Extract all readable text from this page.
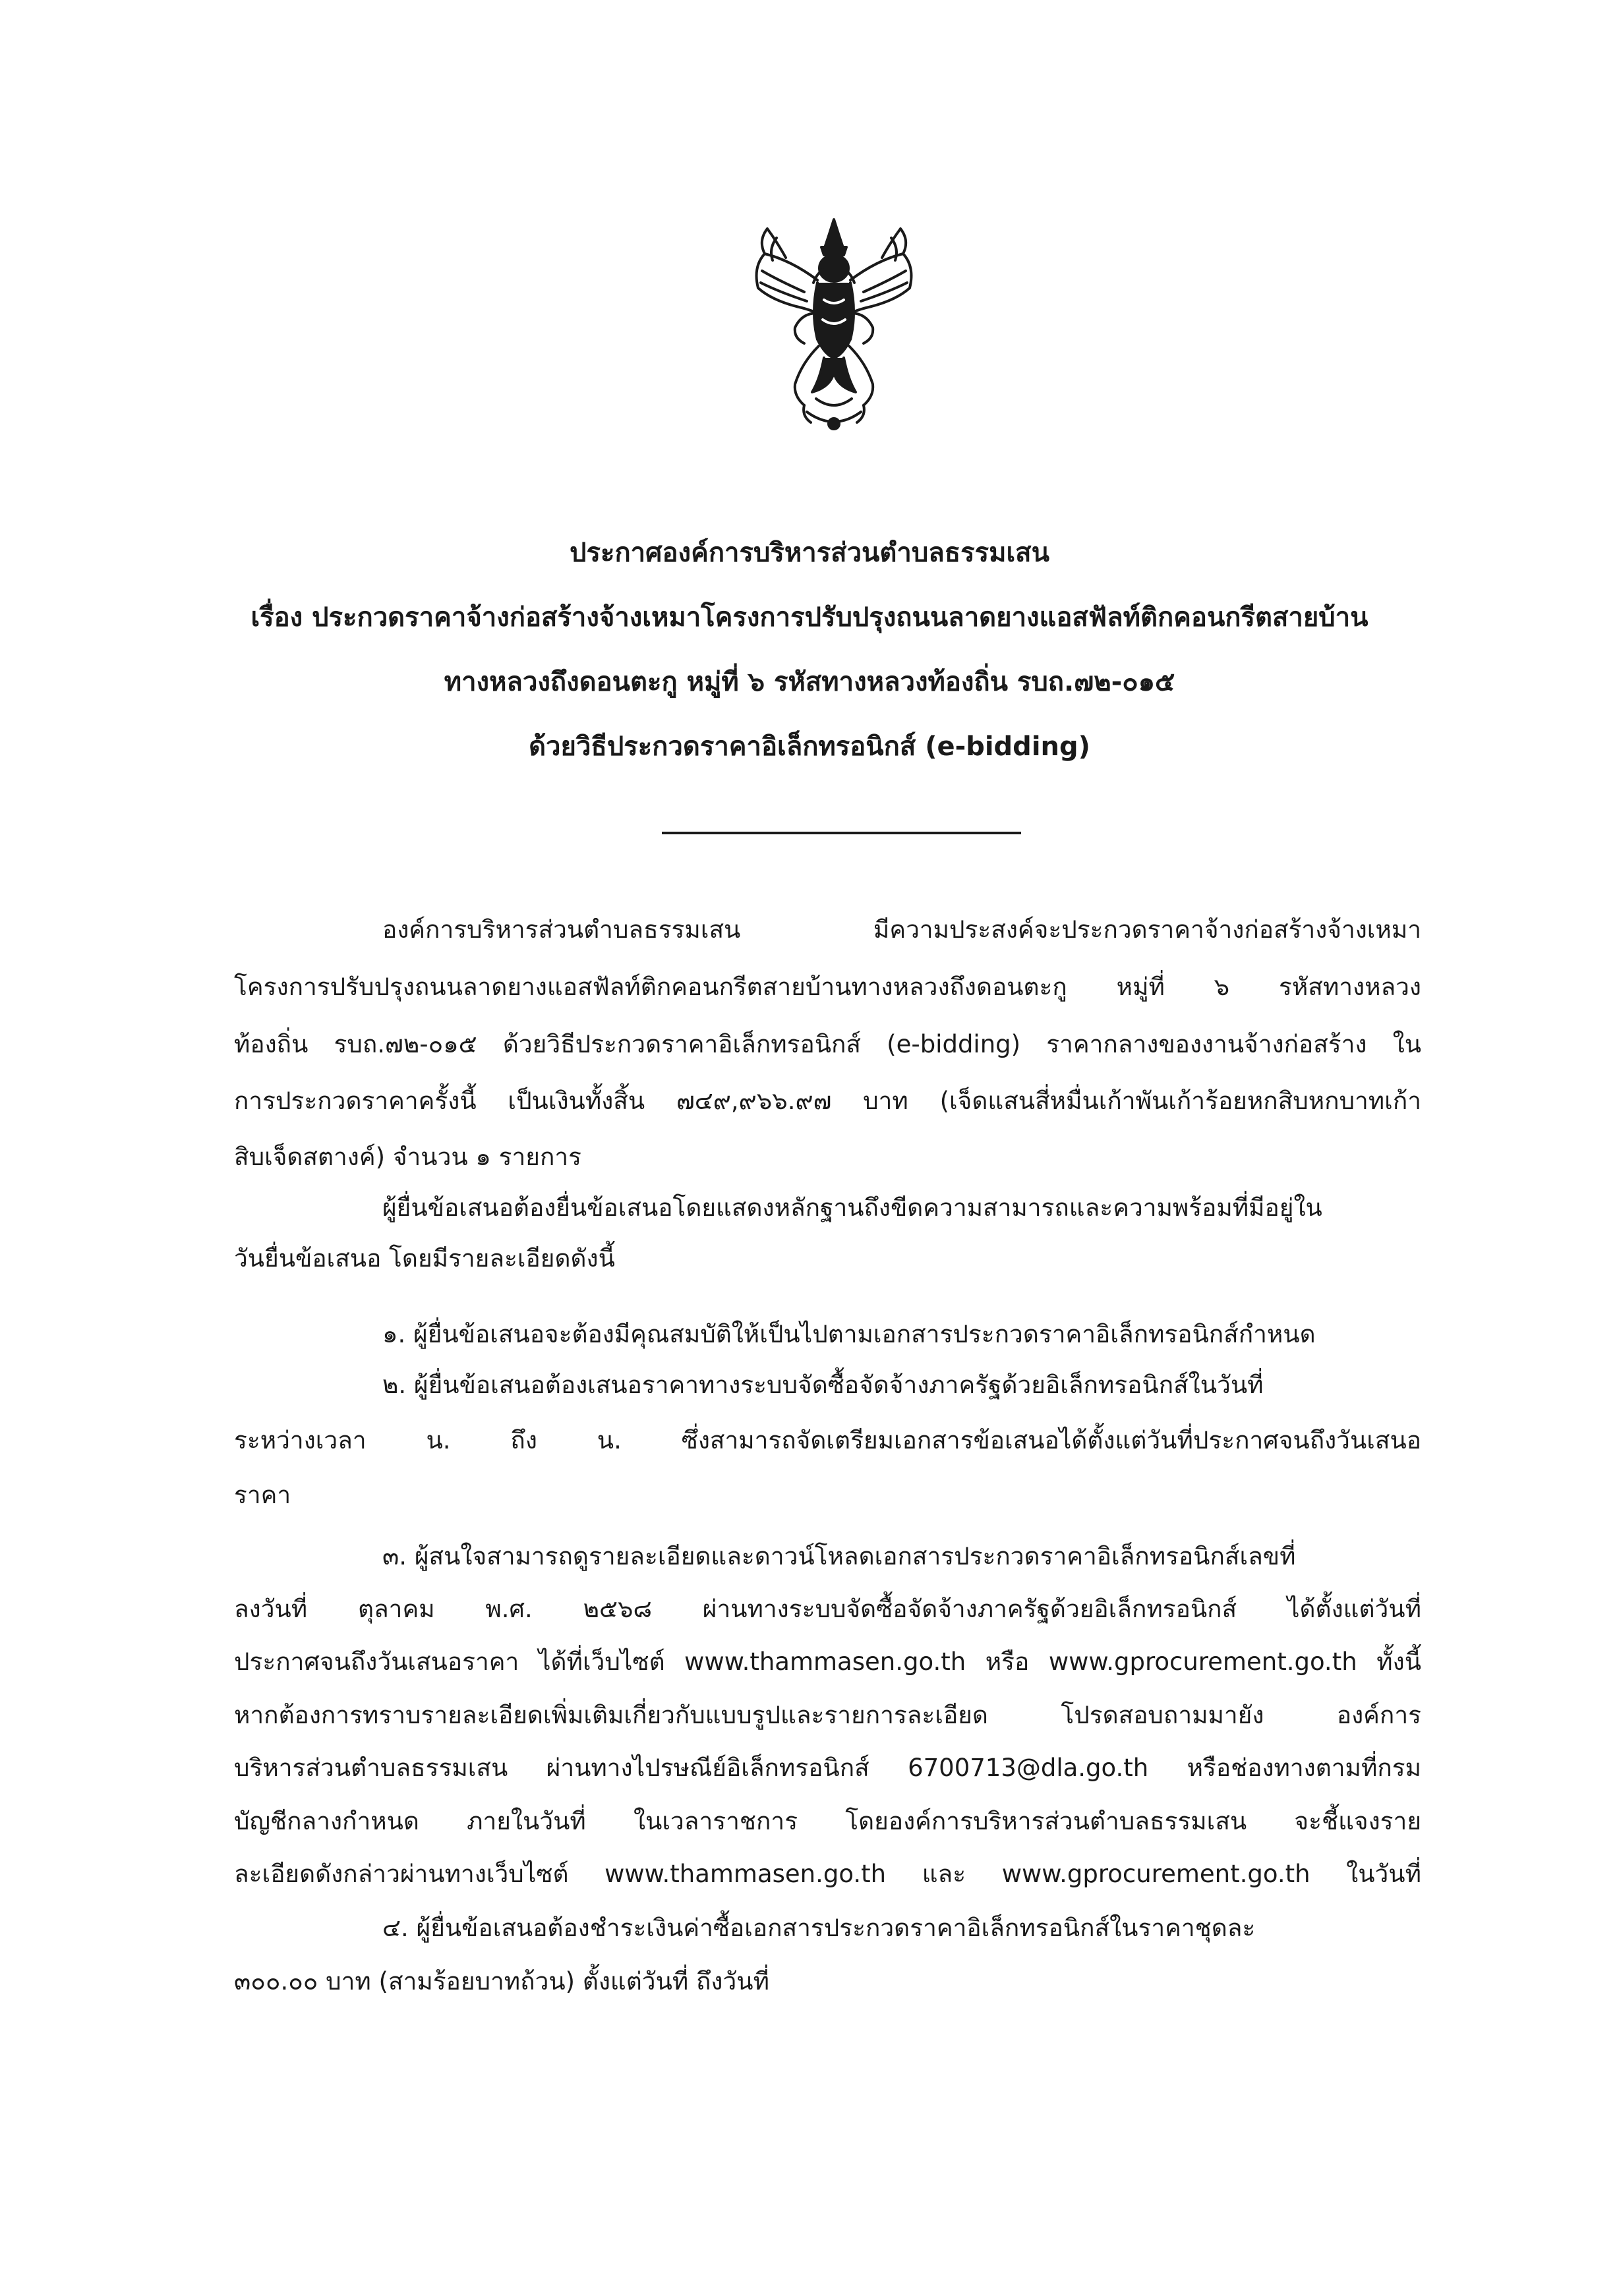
ประกาศองค์การบริหารส่วนตำบลธรรมเสน
เรื่อง ประกวดราคาจ้างก่อสร้างจ้างเหมาโครงการปรับปรุงถนนลาดยางแอสฟัลท์ติกคอนกรีตสายบ้าน
ทางหลวงถึงดอนตะกู หมู่ที่ ๖ รหัสทางหลวงท้องถิ่น รบถ.๗๒-๐๑๕
ด้วยวิธีประกวดราคาอิเล็กทรอนิกส์ (e-bidding)
องค์การบริหารส่วนตำบลธรรมเสน มีความประสงค์จะประกวดราคาจ้างก่อสร้างจ้างเหมา
โครงการปรับปรุงถนนลาดยางแอสฟัลท์ติกคอนกรีตสายบ้านทางหลวงถึงดอนตะกู หมู่ที่ ๖ รหัสทางหลวง
ท้องถิ่น รบถ.๗๒-๐๑๕ ด้วยวิธีประกวดราคาอิเล็กทรอนิกส์ (e-bidding) ราคากลางของงานจ้างก่อสร้าง ใน
การประกวดราคาครั้งนี้ เป็นเงินทั้งสิ้น ๗๔๙,๙๖๖.๙๗ บาท (เจ็ดแสนสี่หมื่นเก้าพันเก้าร้อยหกสิบหกบาทเก้า
สิบเจ็ดสตางค์) จำนวน ๑ รายการ
ผู้ยื่นข้อเสนอต้องยื่นข้อเสนอโดยแสดงหลักฐานถึงขีดความสามารถและความพร้อมที่มีอยู่ใน
วันยื่นข้อเสนอ โดยมีรายละเอียดดังนี้
๑. ผู้ยื่นข้อเสนอจะต้องมีคุณสมบัติให้เป็นไปตามเอกสารประกวดราคาอิเล็กทรอนิกส์กำหนด
๒. ผู้ยื่นข้อเสนอต้องเสนอราคาทางระบบจัดซื้อจัดจ้างภาครัฐด้วยอิเล็กทรอนิกส์ในวันที่
ระหว่างเวลา น. ถึง น. ซึ่งสามารถจัดเตรียมเอกสารข้อเสนอได้ตั้งแต่วันที่ประกาศจนถึงวันเสนอ
ราคา
๓. ผู้สนใจสามารถดูรายละเอียดและดาวน์โหลดเอกสารประกวดราคาอิเล็กทรอนิกส์เลขที่
ลงวันที่ ตุลาคม พ.ศ. ๒๕๖๘ ผ่านทางระบบจัดซื้อจัดจ้างภาครัฐด้วยอิเล็กทรอนิกส์ ได้ตั้งแต่วันที่
ประกาศจนถึงวันเสนอราคา ได้ที่เว็บไซต์ www.thammasen.go.th หรือ www.gprocurement.go.th ทั้งนี้
หากต้องการทราบรายละเอียดเพิ่มเติมเกี่ยวกับแบบรูปและรายการละเอียด โปรดสอบถามมายัง องค์การ
บริหารส่วนตำบลธรรมเสน ผ่านทางไปรษณีย์อิเล็กทรอนิกส์ 6700713@dla.go.th หรือช่องทางตามที่กรม
บัญชีกลางกำหนด ภายในวันที่ ในเวลาราชการ โดยองค์การบริหารส่วนตำบลธรรมเสน จะชี้แจงราย
ละเอียดดังกล่าวผ่านทางเว็บไซต์ www.thammasen.go.th และ www.gprocurement.go.th ในวันที่
๔. ผู้ยื่นข้อเสนอต้องชำระเงินค่าซื้อเอกสารประกวดราคาอิเล็กทรอนิกส์ในราคาชุดละ
๓๐๐.๐๐ บาท (สามร้อยบาทถ้วน) ตั้งแต่วันที่ ถึงวันที่
